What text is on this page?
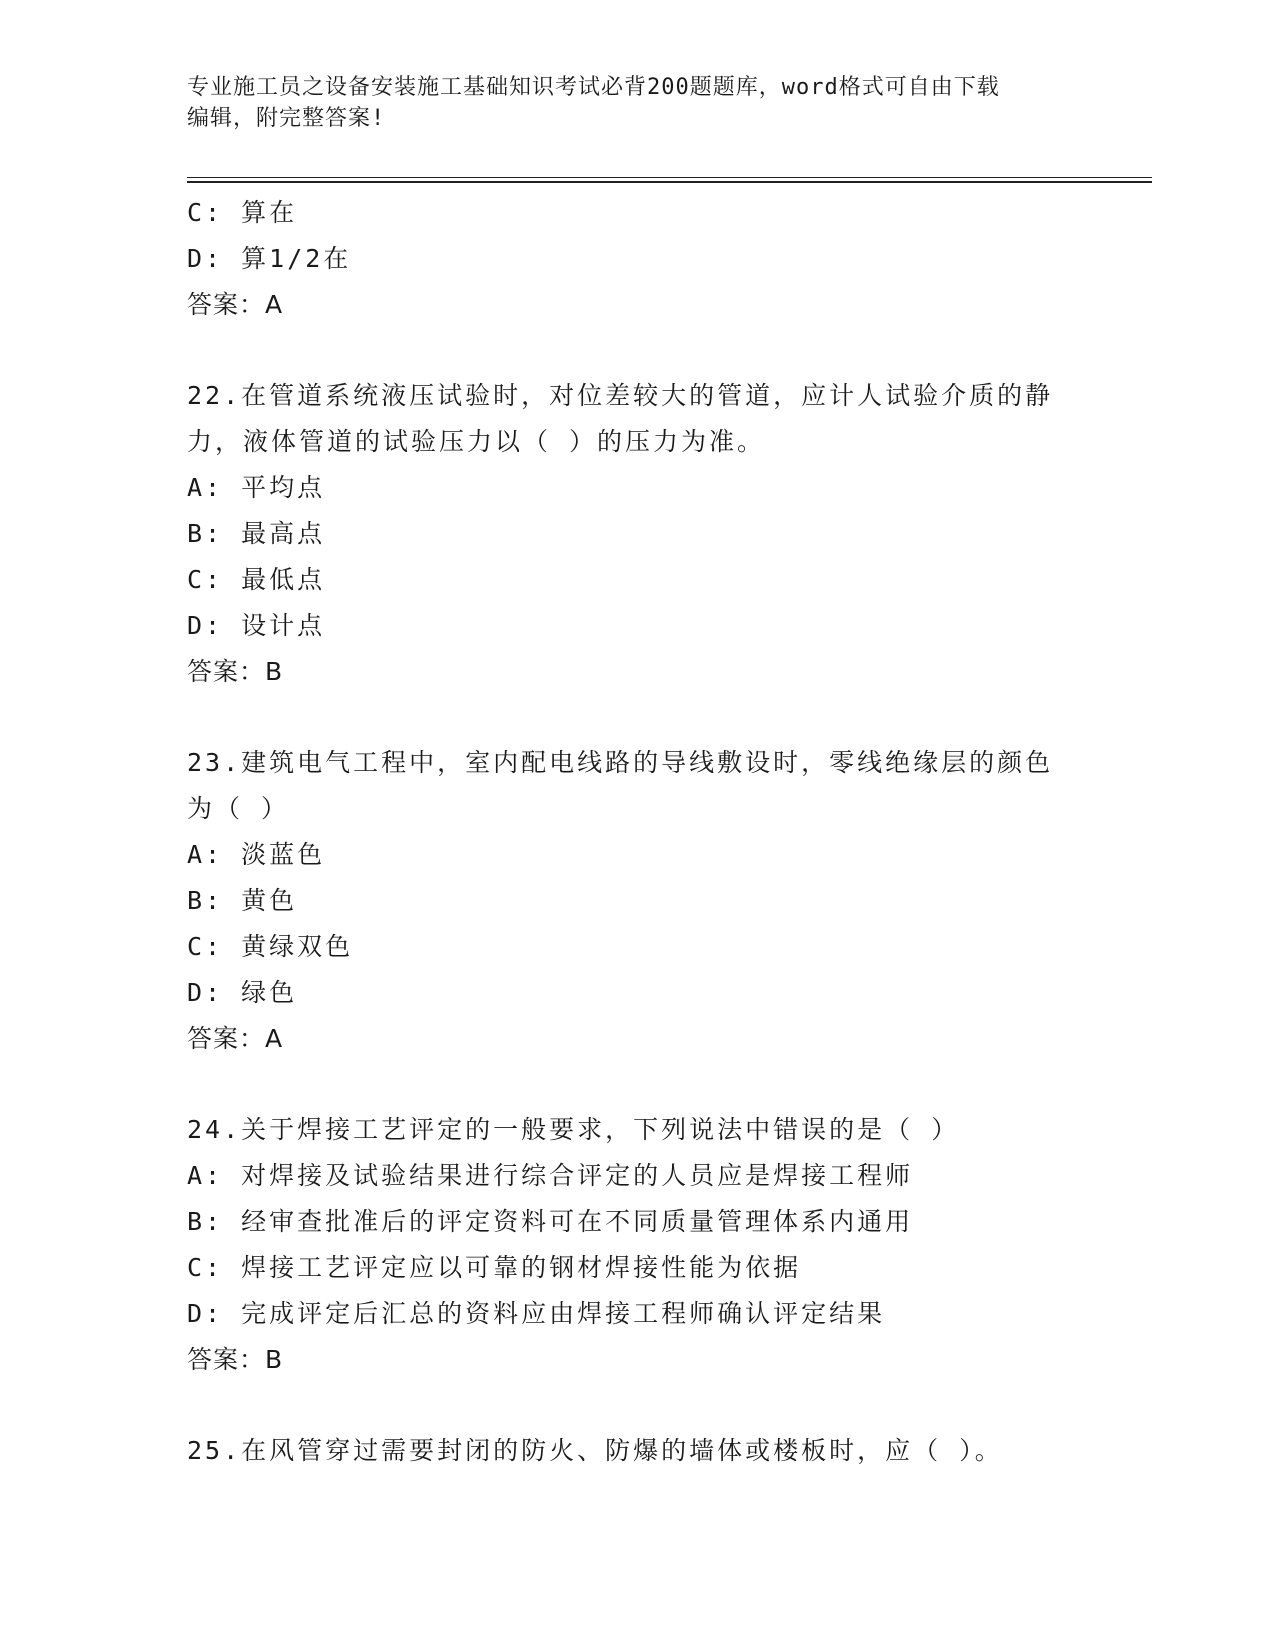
专业施工员之设备安装施工基础知识考试必背200题题库，word格式可自由下载
编辑，附完整答案!
C: 算在
D: 算1/2在
答案：A
22.在管道系统液压试验时，对位差较大的管道，应计人试验介质的静
力，液体管道的试验压力以（ ）的压力为准。
A: 平均点
B: 最高点
C: 最低点
D: 设计点
答案：B
23.建筑电气工程中，室内配电线路的导线敷设时，零线绝缘层的颜色
为（ ）
A: 淡蓝色
B: 黄色
C: 黄绿双色
D: 绿色
答案：A
24.关于焊接工艺评定的一般要求，下列说法中错误的是（ ）
A: 对焊接及试验结果进行综合评定的人员应是焊接工程师
B: 经审查批准后的评定资料可在不同质量管理体系内通用
C: 焊接工艺评定应以可靠的钢材焊接性能为依据
D: 完成评定后汇总的资料应由焊接工程师确认评定结果
答案：B
25.在风管穿过需要封闭的防火、防爆的墙体或楼板时，应（ ）。
